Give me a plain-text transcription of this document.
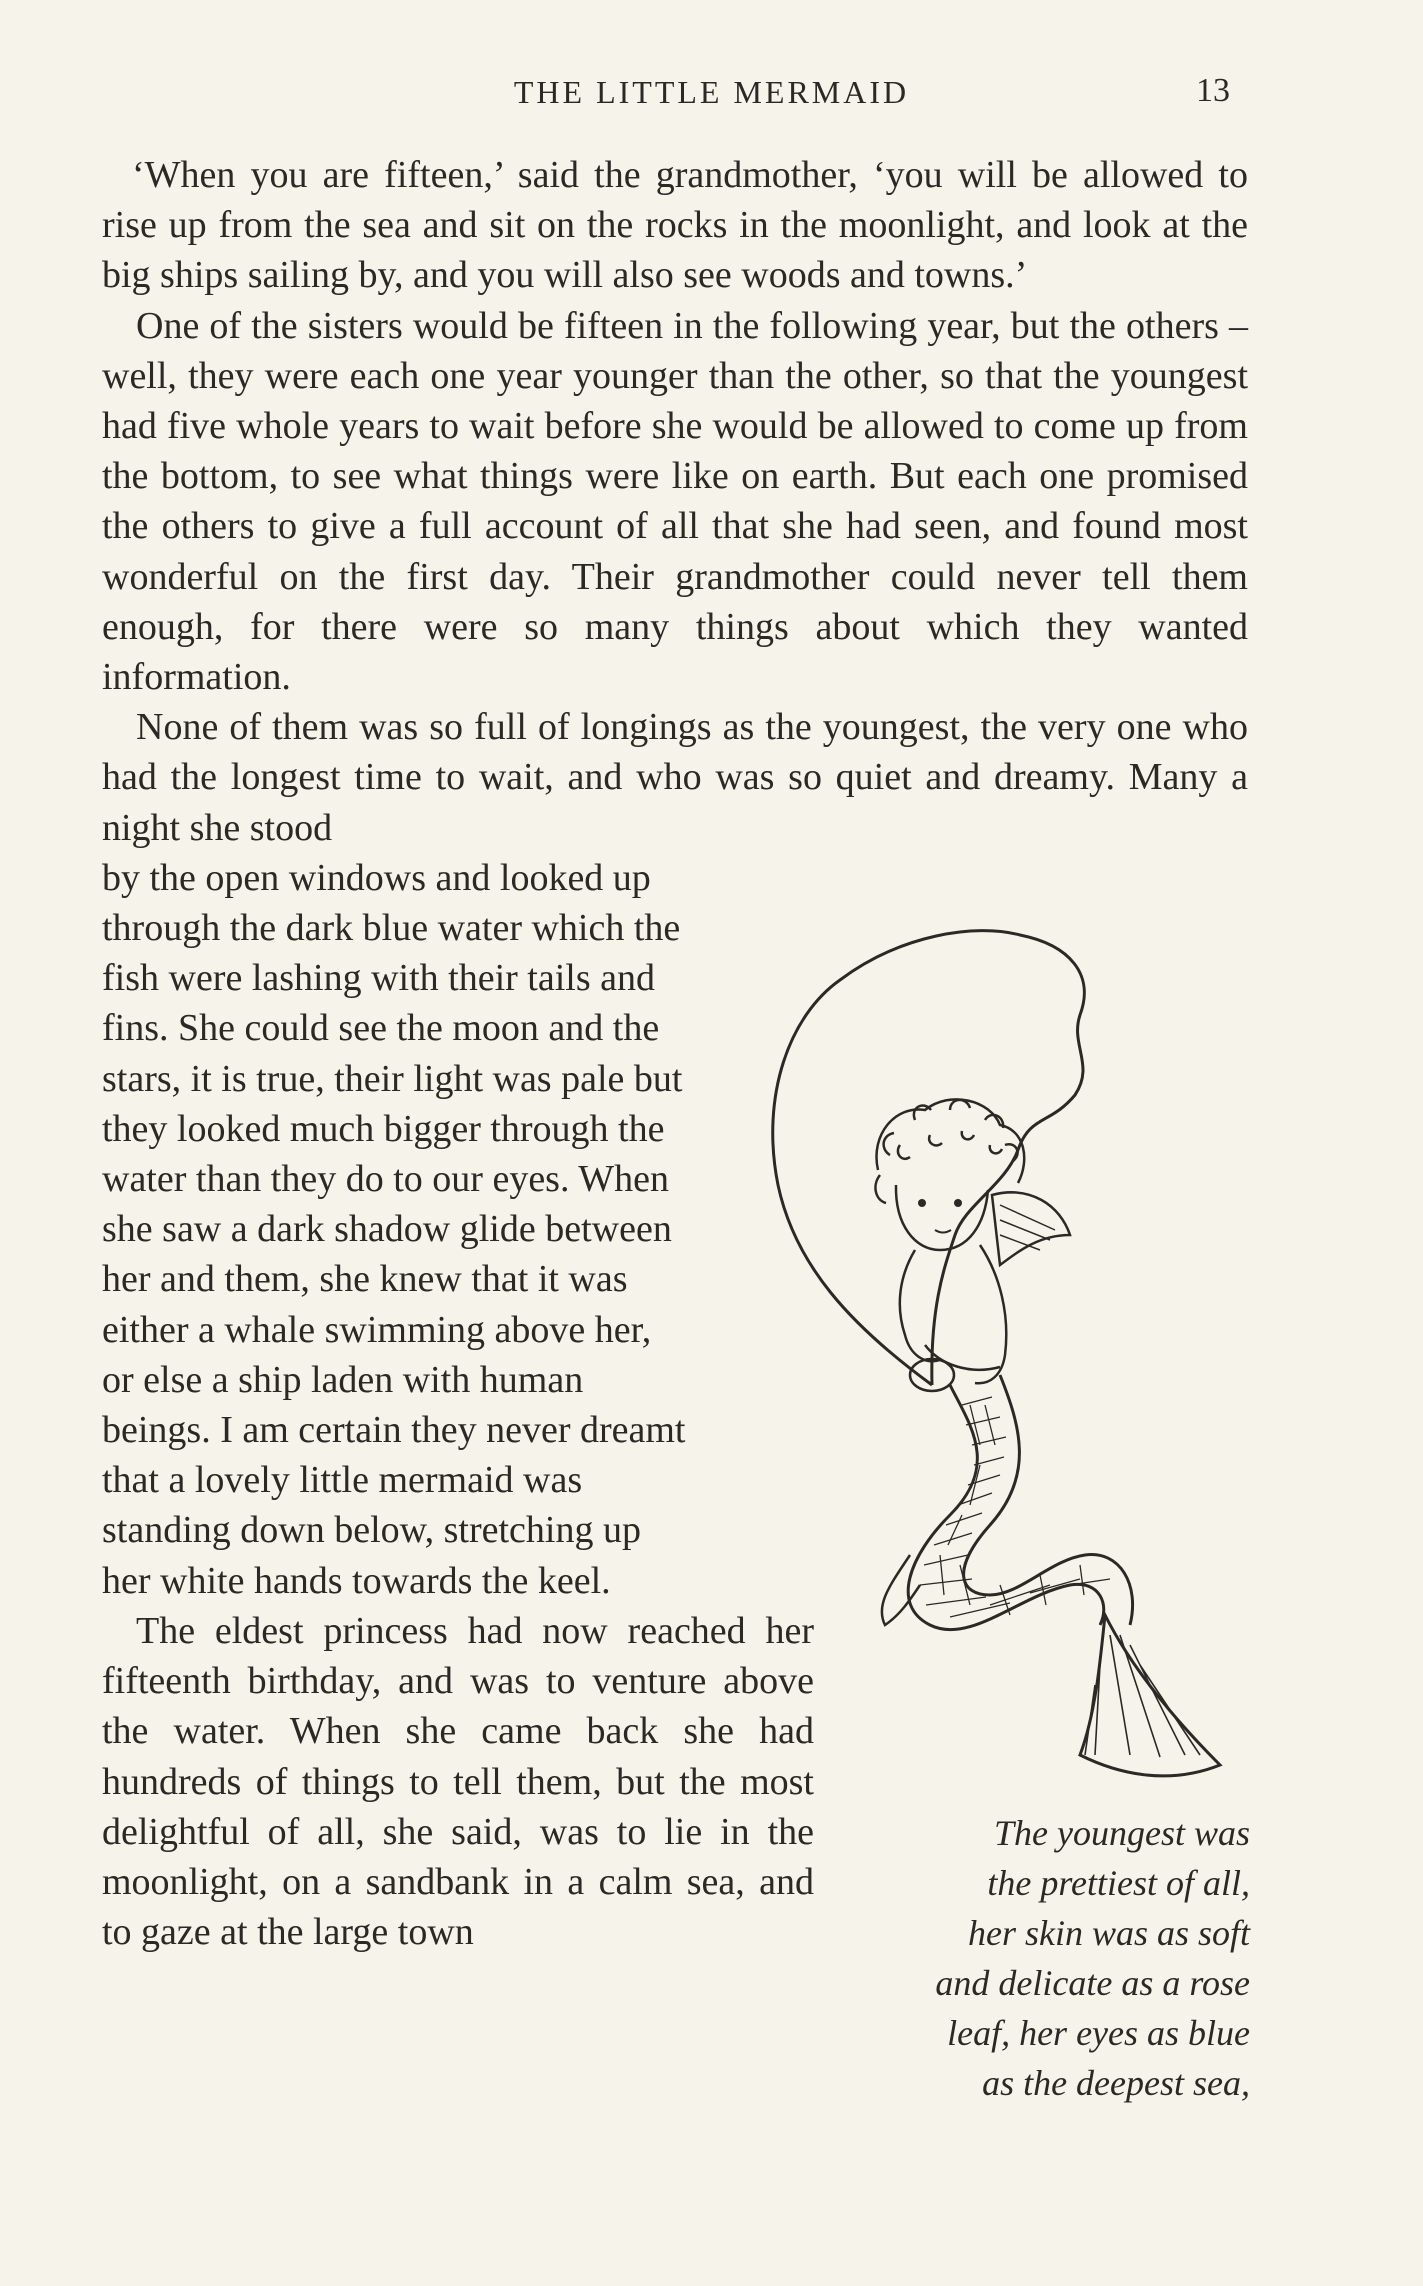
THE LITTLE MERMAID	13

‘When you are fifteen,’ said the grandmother, ‘you will be allowed to rise up from the sea and sit on the rocks in the moonlight, and look at the big ships sailing by, and you will also see woods and towns.’

One of the sisters would be fifteen in the following year, but the others – well, they were each one year younger than the other, so that the youngest had five whole years to wait before she would be allowed to come up from the bottom, to see what things were like on earth. But each one promised the others to give a full account of all that she had seen, and found most wonderful on the first day. Their grandmother could never tell them enough, for there were so many things about which they wanted information.

None of them was so full of longings as the youngest, the very one who had the longest time to wait, and who was so quiet and dreamy. Many a night she stood

by the open windows and looked up through the dark blue water which the fish were lashing with their tails and fins. She could see the moon and the stars, it is true, their light was pale but they looked much bigger through the water than they do to our eyes. When she saw a dark shadow glide between her and them, she knew that it was either a whale swimming above her, or else a ship laden with human beings. I am certain they never dreamt that a lovely little mermaid was standing down below, stretching up her white hands towards the keel.

The eldest princess had now reached her fifteenth birthday, and was to venture above the water. When she came back she had hundreds of things to tell them, but the most delightful of all, she said, was to lie in the moonlight, on a sandbank in a calm sea, and to gaze at the large town

The youngest was
the prettiest of all,
her skin was as soft
and delicate as a rose
leaf, her eyes as blue
as the deepest sea,
